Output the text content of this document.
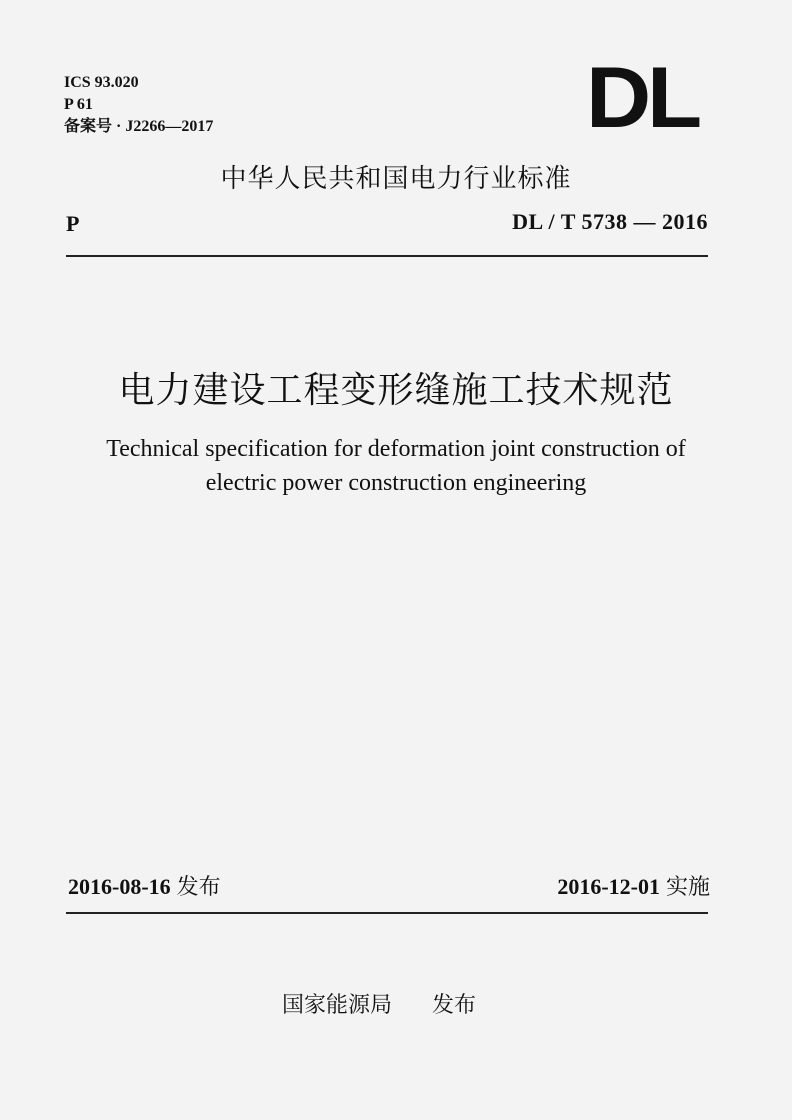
ICS 93.020
P 61
备案号 · J2266—2017	DL
中华人民共和国电力行业标准
P	DL / T 5738 — 2016
电力建设工程变形缝施工技术规范
Technical specification for deformation joint construction of
electric power construction engineering
2016-08-16 发布	2016-12-01 实施
国家能源局 发布
